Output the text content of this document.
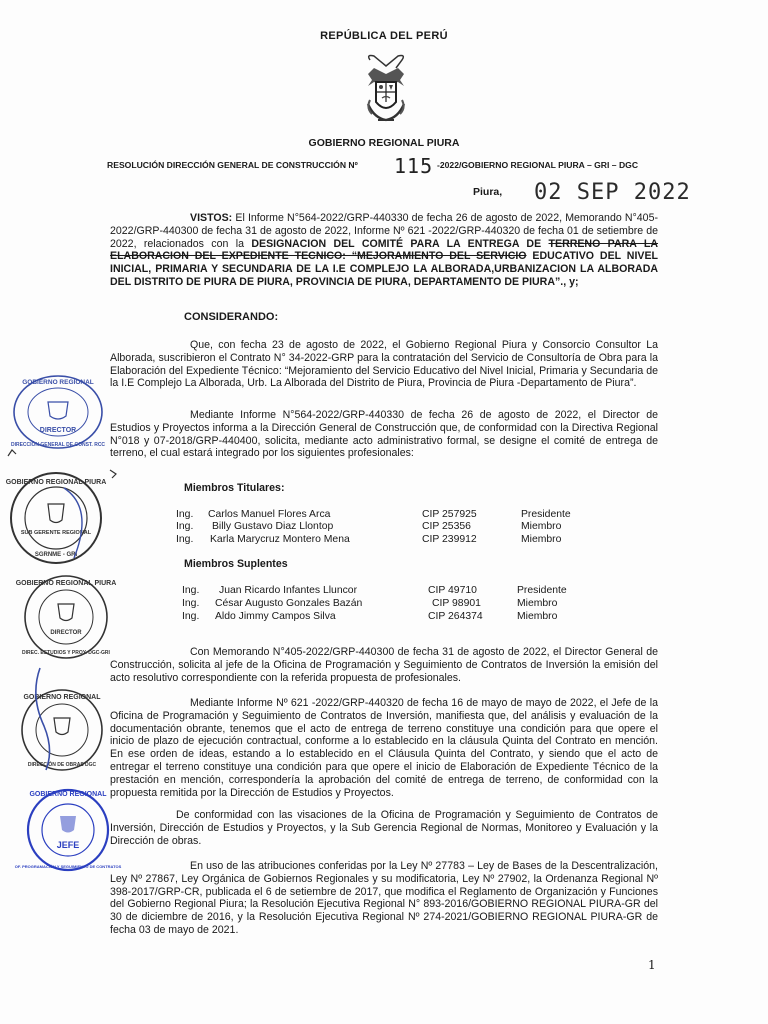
REPÚBLICA DEL PERÚ
GOBIERNO REGIONAL PIURA
RESOLUCIÓN DIRECCIÓN GENERAL DE CONSTRUCCIÓN Nº 115 -2022/GOBIERNO REGIONAL PIURA – GRI – DGC
Piura, 02 SEP 2022
VISTOS: El Informe N°564-2022/GRP-440330 de fecha 26 de agosto de 2022, Memorando N°405-2022/GRP-440300 de fecha 31 de agosto de 2022, Informe Nº 621 -2022/GRP-440320 de fecha 01 de setiembre de 2022, relacionados con la DESIGNACION DEL COMITÉ PARA LA ENTREGA DE TERRENO PARA LA ELABORACION DEL EXPEDIENTE TECNICO: “MEJORAMIENTO DEL SERVICIO EDUCATIVO DEL NIVEL INICIAL, PRIMARIA Y SECUNDARIA DE LA I.E COMPLEJO LA ALBORADA,URBANIZACION LA ALBORADA DEL DISTRITO DE PIURA DE PIURA, PROVINCIA DE PIURA, DEPARTAMENTO DE PIURA”., y;
CONSIDERANDO:
Que, con fecha 23 de agosto de 2022, el Gobierno Regional Piura y Consorcio Consultor La Alborada, suscribieron el Contrato N° 34-2022-GRP para la contratación del Servicio de Consultoría de Obra para la Elaboración del Expediente Técnico: “Mejoramiento del Servicio Educativo del Nivel Inicial, Primaria y Secundaria de la I.E Complejo La Alborada, Urb. La Alborada del Distrito de Piura, Provincia de Piura -Departamento de Piura”.
Mediante Informe N°564-2022/GRP-440330 de fecha 26 de agosto de 2022, el Director de Estudios y Proyectos informa a la Dirección General de Construcción que, de conformidad con la Directiva Regional N°018 y 07-2018/GRP-440400, solicita, mediante acto administrativo formal, se designe el comité de entrega de terreno, el cual estará integrado por los siguientes profesionales:
Miembros Titulares:
Ing. Carlos Manuel Flores Arca	CIP 257925	Presidente
Ing. Billy Gustavo Diaz Llontop	CIP 25356	Miembro
Ing. Karla Marycruz Montero Mena	CIP 239912	Miembro
Miembros Suplentes
Ing. Juan Ricardo Infantes Lluncor	CIP 49710	Presidente
Ing. César Augusto Gonzales Bazán	CIP 98901	Miembro
Ing. Aldo Jimmy Campos Silva	CIP 264374	Miembro
Con Memorando N°405-2022/GRP-440300 de fecha 31 de agosto de 2022, el Director General de Construcción, solicita al jefe de la Oficina de Programación y Seguimiento de Contratos de Inversión la emisión del acto resolutivo correspondiente con la referida propuesta de profesionales.
Mediante Informe Nº 621 -2022/GRP-440320 de fecha 16 de mayo de mayo de 2022, el Jefe de la Oficina de Programación y Seguimiento de Contratos de Inversión, manifiesta que, del análisis y evaluación de la documentación obrante, tenemos que el acto de entrega de terreno constituye una condición para que opere el inicio de plazo de ejecución contractual, conforme a lo establecido en la cláusula Quinta del Contrato en mención. En ese orden de ideas, estando a lo establecido en el Cláusula Quinta del Contrato, y siendo que el acto de entregar el terreno constituye una condición para que opere el inicio de Elaboración de Expediente Técnico de la prestación en mención, correspondería la aprobación del comité de entrega de terreno, de conformidad con la propuesta remitida por la Dirección de Estudios y Proyectos.
De conformidad con las visaciones de la Oficina de Programación y Seguimiento de Contratos de Inversión, Dirección de Estudios y Proyectos, y la Sub Gerencia Regional de Normas, Monitoreo y Evaluación y la Dirección de obras.
En uso de las atribuciones conferidas por la Ley Nº 27783 – Ley de Bases de la Descentralización, Ley Nº 27867, Ley Orgánica de Gobiernos Regionales y su modificatoria, Ley Nº 27902, la Ordenanza Regional Nº 398-2017/GRP-CR, publicada el 6 de setiembre de 2017, que modifica el Reglamento de Organización y Funciones del Gobierno Regional Piura; la Resolución Ejecutiva Regional N° 893-2016/GOBIERNO REGIONAL PIURA-GR del 30 de diciembre de 2016, y la Resolución Ejecutiva Regional Nº 274-2021/GOBIERNO REGIONAL PIURA-GR de fecha 03 de mayo de 2021.
1
DIRECTOR
GOBIERNO REGIONAL
DIRECCIÓN GENERAL DE CONST. RCC
GOBIERNO REGIONAL PIURA
SUB GERENTE REGIONAL
SGRNME - GRI
GOBIERNO REGIONAL PIURA
DIRECTOR
DIREC. ESTUDIOS Y PROY. DGC-GRI
GOBIERNO REGIONAL
DIRECCIÓN DE OBRAS DGC
GOBIERNO REGIONAL
JEFE
OF. PROGRAMACIÓN Y SEGUIMIENTO DE CONTRATOS
